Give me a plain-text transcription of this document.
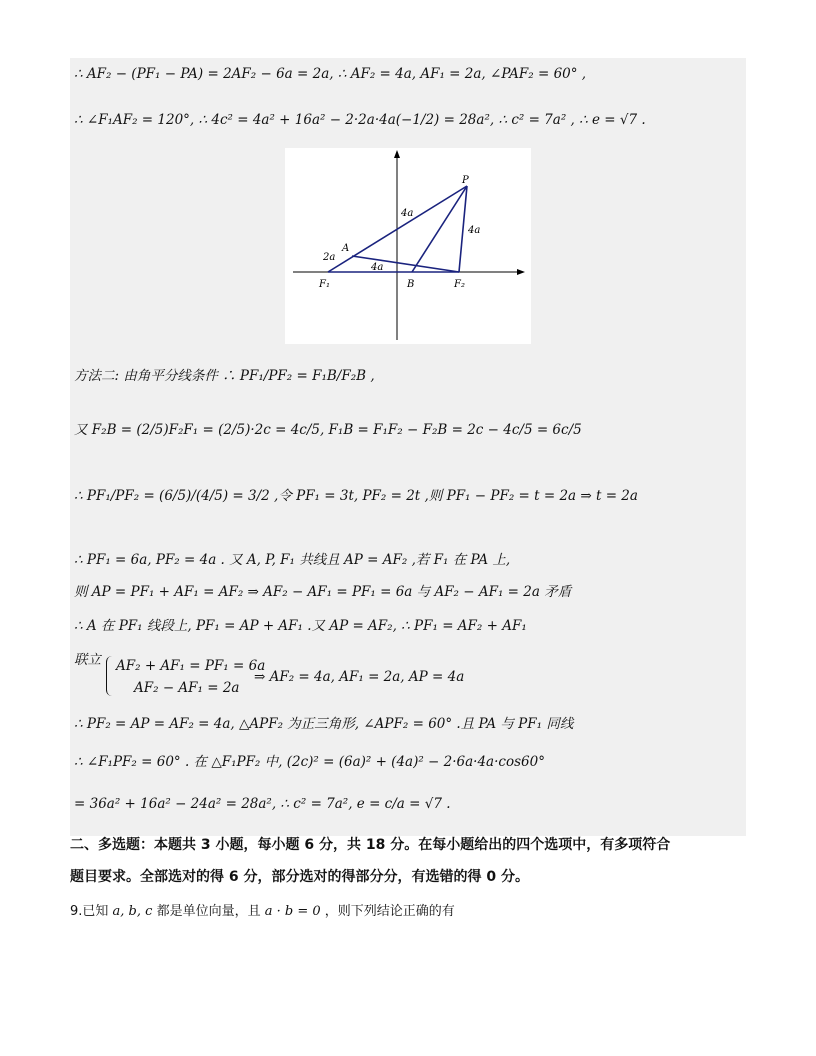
∴ AF₂ − (PF₁ − PA) = 2AF₂ − 6a = 2a, ∴ AF₂ = 4a, AF₁ = 2a, ∠PAF₂ = 60° ,
∴ ∠F₁AF₂ = 120°, ∴ 4c² = 4a² + 16a² − 2·2a·4a(−1/2) = 28a², ∴ c² = 7a² , ∴ e = √7 .
P
A
B
F₁	F₂
4a
4a
2a
4a
方法二: 由角平分线条件 ∴ PF₁/PF₂ = F₁B/F₂B ,
又 F₂B = (2/5)F₂F₁ = (2/5)·2c = 4c/5, F₁B = F₁F₂ − F₂B = 2c − 4c/5 = 6c/5
∴ PF₁/PF₂ = (6/5)/(4/5) = 3/2 ,令 PF₁ = 3t, PF₂ = 2t ,则 PF₁ − PF₂ = t = 2a ⇒ t = 2a
∴ PF₁ = 6a, PF₂ = 4a . 又 A, P, F₁ 共线且 AP = AF₂ ,若 F₁ 在 PA 上,
则 AP = PF₁ + AF₁ = AF₂ ⇒ AF₂ − AF₁ = PF₁ = 6a 与 AF₂ − AF₁ = 2a 矛盾
∴ A 在 PF₁ 线段上, PF₁ = AP + AF₁ .又 AP = AF₂, ∴ PF₁ = AF₂ + AF₁
联立	AF₂ + AF₁ = PF₁ = 6a
AF₂ − AF₁ = 2a
⇒ AF₂ = 4a, AF₁ = 2a, AP = 4a
∴ PF₂ = AP = AF₂ = 4a, △APF₂ 为正三角形, ∠APF₂ = 60° .且 PA 与 PF₁ 同线
∴ ∠F₁PF₂ = 60° . 在 △F₁PF₂ 中, (2c)² = (6a)² + (4a)² − 2·6a·4a·cos60°
= 36a² + 16a² − 24a² = 28a², ∴ c² = 7a², e = c/a = √7 .
二、多选题：本题共 3 小题，每小题 6 分，共 18 分。在每小题给出的四个选项中，有多项符合
题目要求。全部选对的得 6 分，部分选对的得部分分，有选错的得 0 分。
9.已知 a, b, c 都是单位向量，且 a · b = 0 ，则下列结论正确的有
